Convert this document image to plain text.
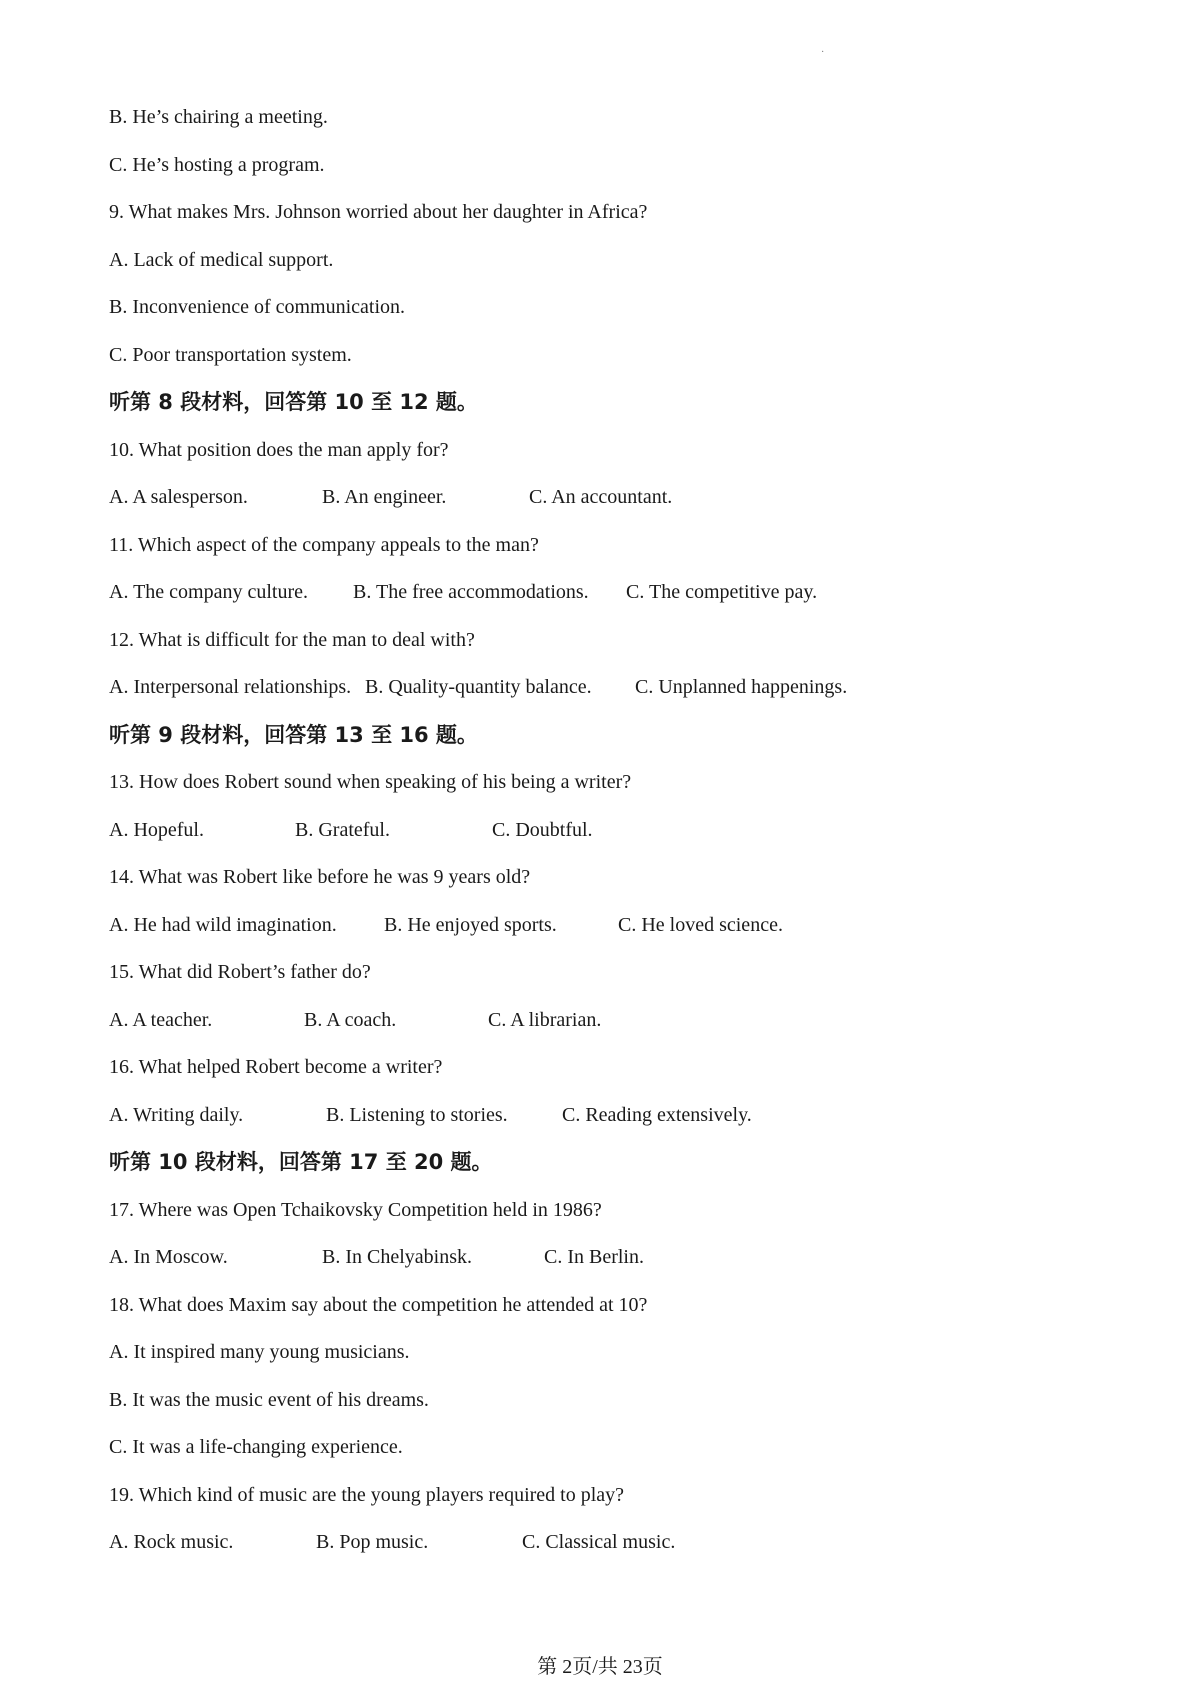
·
B. He’s chairing a meeting.
C. He’s hosting a program.
9. What makes Mrs. Johnson worried about her daughter in Africa?
A. Lack of medical support.
B. Inconvenience of communication.
C. Poor transportation system.
听第 8 段材料，回答第 10 至 12 题。
10. What position does the man apply for?
A. A salesperson.	B. An engineer.	C. An accountant.
11. Which aspect of the company appeals to the man?
A. The company culture. B. The free accommodations. C. The competitive pay.
12. What is difficult for the man to deal with?
A. Interpersonal relationships. B. Quality-quantity balance. C. Unplanned happenings.
听第 9 段材料，回答第 13 至 16 题。
13. How does Robert sound when speaking of his being a writer?
A. Hopeful.	B. Grateful.	C. Doubtful.
14. What was Robert like before he was 9 years old?
A. He had wild imagination. B. He enjoyed sports.	C. He loved science.
15. What did Robert’s father do?
A. A teacher.	B. A coach.	C. A librarian.
16. What helped Robert become a writer?
A. Writing daily.	B. Listening to stories.	C. Reading extensively.
听第 10 段材料，回答第 17 至 20 题。
17. Where was Open Tchaikovsky Competition held in 1986?
A. In Moscow.	B. In Chelyabinsk.	C. In Berlin.
18. What does Maxim say about the competition he attended at 10?
A. It inspired many young musicians.
B. It was the music event of his dreams.
C. It was a life-changing experience.
19. Which kind of music are the young players required to play?
A. Rock music.	B. Pop music.	C. Classical music.
第 2页/共 23页
